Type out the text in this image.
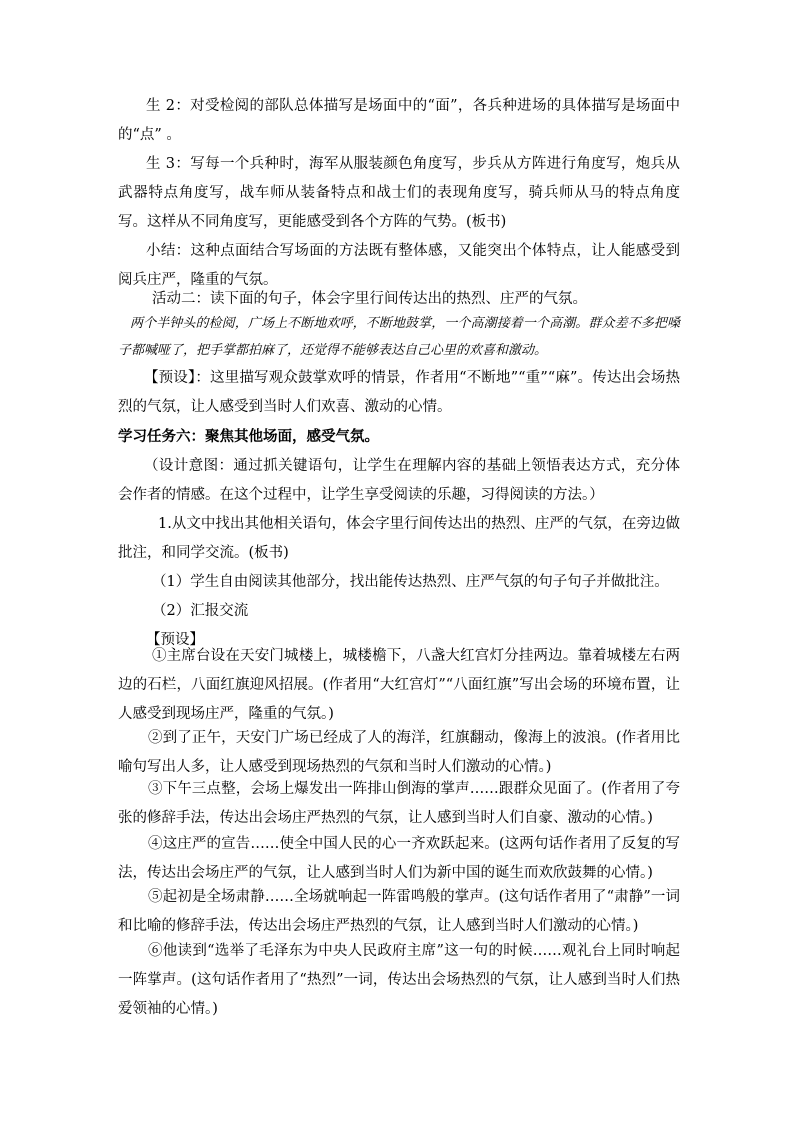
生 2：对受检阅的部队总体描写是场面中的“面”，各兵种进场的具体描写是场面中的“点” 。

生 3：写每一个兵种时，海军从服装颜色角度写，步兵从方阵进行角度写，炮兵从武器特点角度写，战车师从装备特点和战士们的表现角度写，骑兵师从马的特点角度写。这样从不同角度写，更能感受到各个方阵的气势。(板书)

小结：这种点面结合写场面的方法既有整体感，又能突出个体特点，让人能感受到阅兵庄严，隆重的气氛。

活动二：读下面的句子，体会字里行间传达出的热烈、庄严的气氛。

两个半钟头的检阅，广场上不断地欢呼，不断地鼓掌，一个高潮接着一个高潮。群众差不多把嗓子都喊哑了，把手掌都拍麻了，还觉得不能够表达自己心里的欢喜和激动。

【预设】：这里描写观众鼓掌欢呼的情景，作者用“不断地”“重”“麻”。传达出会场热烈的气氛，让人感受到当时人们欢喜、激动的心情。

学习任务六：聚焦其他场面，感受气氛。

（设计意图：通过抓关键语句，让学生在理解内容的基础上领悟表达方式，充分体会作者的情感。在这个过程中，让学生享受阅读的乐趣，习得阅读的方法。）

1.从文中找出其他相关语句，体会字里行间传达出的热烈、庄严的气氛，在旁边做批注，和同学交流。(板书)

（1）学生自由阅读其他部分，找出能传达热烈、庄严气氛的句子句子并做批注。

（2）汇报交流

【预设】

①主席台设在天安门城楼上，城楼檐下，八盏大红宫灯分挂两边。靠着城楼左右两边的石栏，八面红旗迎风招展。(作者用“大红宫灯”“八面红旗”写出会场的环境布置，让人感受到现场庄严，隆重的气氛。)

②到了正午，天安门广场已经成了人的海洋，红旗翻动，像海上的波浪。(作者用比喻句写出人多，让人感受到现场热烈的气氛和当时人们激动的心情。)

③下午三点整，会场上爆发出一阵排山倒海的掌声……跟群众见面了。(作者用了夸张的修辞手法，传达出会场庄严热烈的气氛，让人感到当时人们自豪、激动的心情。)

④这庄严的宣告……使全中国人民的心一齐欢跃起来。(这两句话作者用了反复的写法，传达出会场庄严的气氛，让人感到当时人们为新中国的诞生而欢欣鼓舞的心情。)

⑤起初是全场肃静……全场就响起一阵雷鸣般的掌声。(这句话作者用了“肃静”一词和比喻的修辞手法，传达出会场庄严热烈的气氛，让人感到当时人们激动的心情。)

⑥他读到“选举了毛泽东为中央人民政府主席”这一句的时候……观礼台上同时响起一阵掌声。(这句话作者用了“热烈”一词，传达出会场热烈的气氛，让人感到当时人们热爱领袖的心情。)
